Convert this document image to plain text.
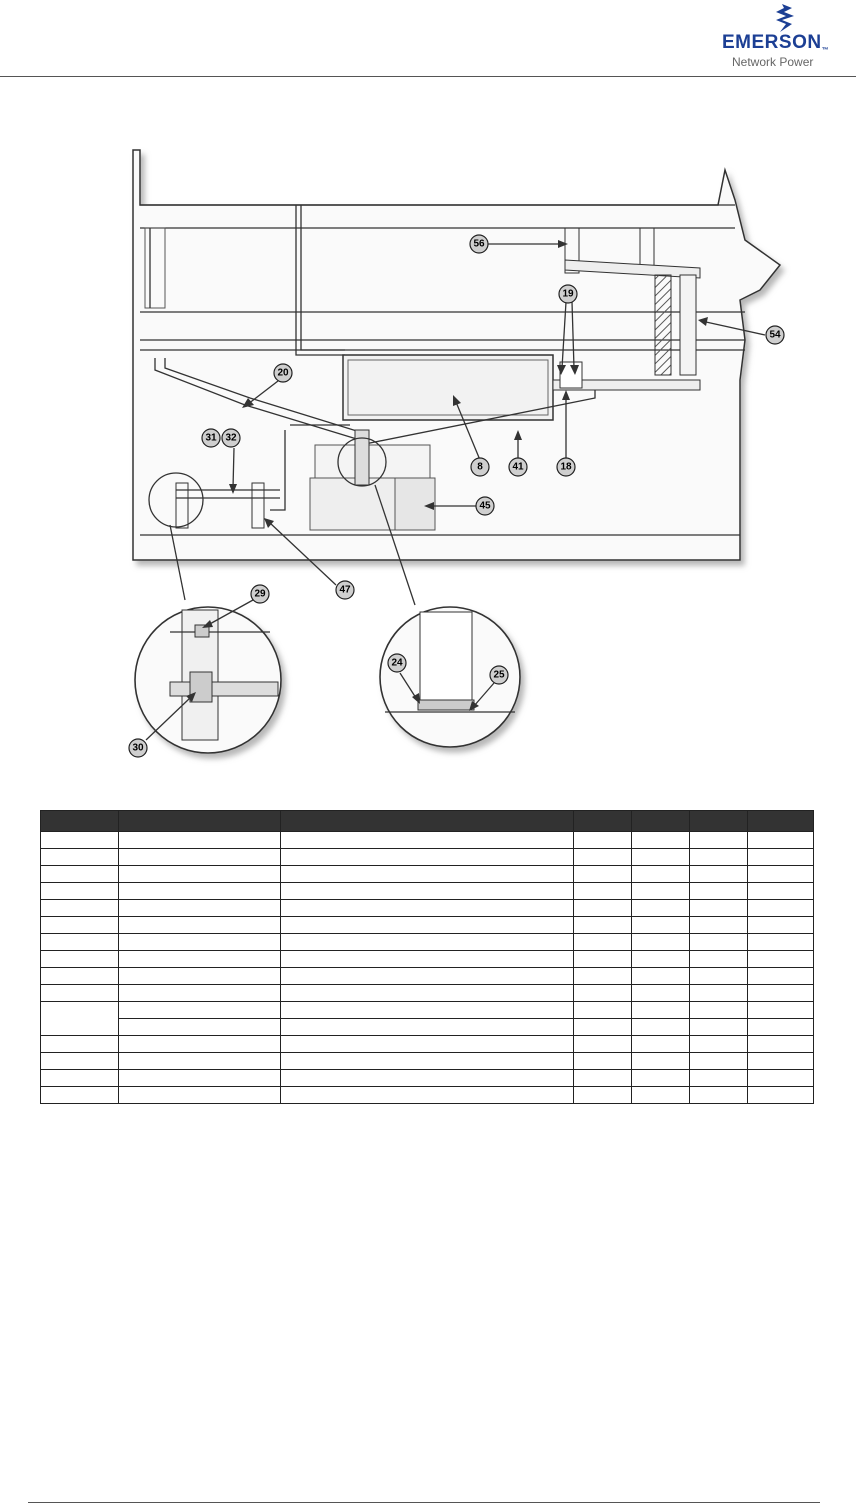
EMERSON™
Network Power
56
19
54
20
31 32
8	41	18
45
47
29
24
25
30
